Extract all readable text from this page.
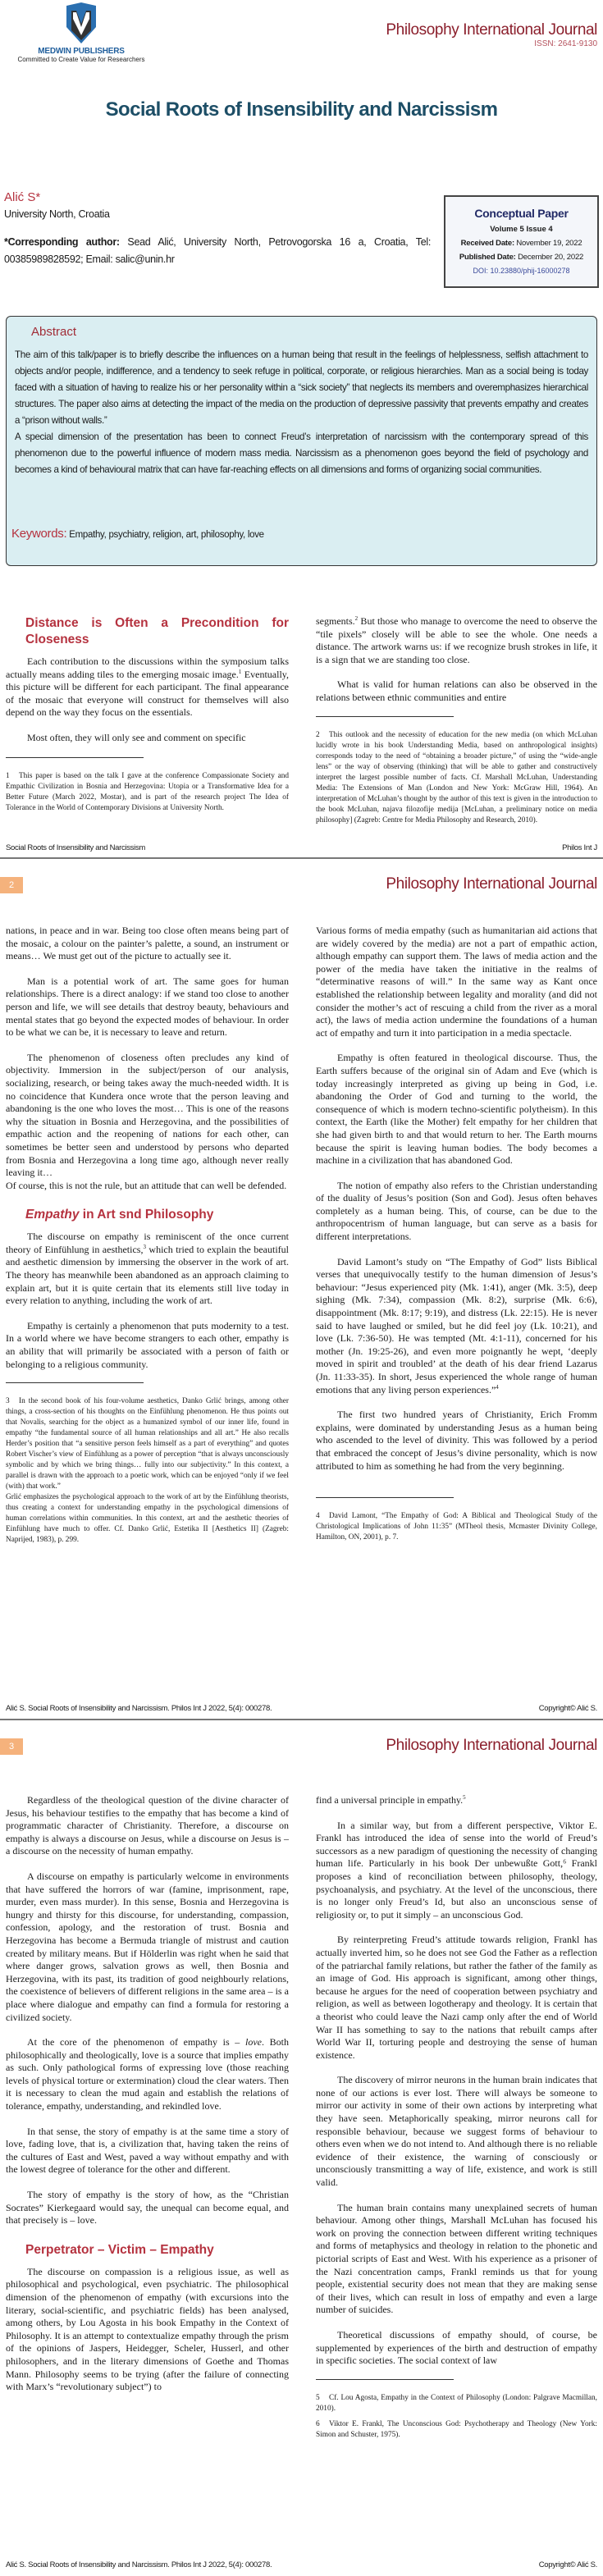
MEDWIN PUBLISHERS
Committed to Create Value for Researchers
Philosophy International Journal
ISSN: 2641-9130
Social Roots of Insensibility and Narcissism
Alić S*
University North, Croatia
*Corresponding author: Sead Alić, University North, Petrovogorska 16 a, Croatia, Tel: 00385989828592; Email: salic@unin.hr
Conceptual Paper
Volume 5 Issue 4
Received Date: November 19, 2022
Published Date: December 20, 2022
DOI: 10.23880/phij-16000278
Abstract

The aim of this talk/paper is to briefly describe the influences on a human being that result in the feelings of helplessness, selfish attachment to objects and/or people, indifference, and a tendency to seek refuge in political, corporate, or religious hierarchies. Man as a social being is today faced with a situation of having to realize his or her personality within a “sick society” that neglects its members and overemphasizes hierarchical structures. The paper also aims at detecting the impact of the media on the production of depressive passivity that prevents empathy and creates a “prison without walls.”

A special dimension of the presentation has been to connect Freud’s interpretation of narcissism with the contemporary spread of this phenomenon due to the powerful influence of modern mass media. Narcissism as a phenomenon goes beyond the field of psychology and becomes a kind of behavioural matrix that can have far-reaching effects on all dimensions and forms of organizing social communities.

Keywords: Empathy, psychiatry, religion, art, philosophy, love
Distance is Often a Precondition for Closeness

Each contribution to the discussions within the symposium talks actually means adding tiles to the emerging mosaic image.$^1$ Eventually, this picture will be different for each participant. The final appearance of the mosaic that everyone will construct for themselves will also depend on the way they focus on the essentials.

Most often, they will only see and comment on specific

1 This paper is based on the talk I gave at the conference Compassionate Society and Empathic Civilization in Bosnia and Herzegovina: Utopia or a Transformative Idea for a Better Future (March 2022, Mostar), and is part of the research project The Idea of Tolerance in the World of Contemporary Divisions at University North.

segments.$^2$ But those who manage to overcome the need to observe the “tile pixels” closely will be able to see the whole. One needs a distance. The artwork warns us: if we recognize brush strokes in life, it is a sign that we are standing too close.

What is valid for human relations can also be observed in the relations between ethnic communities and entire

2 This outlook and the necessity of education for the new media (on which McLuhan lucidly wrote in his book Understanding Media, based on anthropological insights) corresponds today to the need of “obtaining a broader picture,” of using the “wide-angle lens” or the way of observing (thinking) that will be able to gather and constructively interpret the largest possible number of facts. Cf. Marshall McLuhan, Understanding Media: The Extensions of Man (London and New York: McGraw Hill, 1964). An interpretation of McLuhan’s thought by the author of this text is given in the introduction to the book McLuhan, najava filozofije medija [McLuhan, a preliminary notice on media philosophy] (Zagreb: Centre for Media Philosophy and Research, 2010).
Social Roots of Insensibility and Narcissism	Philos Int J
2	Philosophy International Journal

nations, in peace and in war. Being too close often means being part of the mosaic, a colour on the painter’s palette, a sound, an instrument or means… We must get out of the picture to actually see it.

Man is a potential work of art. The same goes for human relationships. There is a direct analogy: if we stand too close to another person and life, we will see details that destroy beauty, behaviours and mental states that go beyond the expected modes of behaviour. In order to be what we can be, it is necessary to leave and return.

The phenomenon of closeness often precludes any kind of objectivity. Immersion in the subject/person of our analysis, socializing, research, or being takes away the much-needed width. It is no coincidence that Kundera once wrote that the person leaving and abandoning is the one who loves the most… This is one of the reasons why the situation in Bosnia and Herzegovina, and the possibilities of empathic action and the reopening of nations for each other, can sometimes be better seen and understood by persons who departed from Bosnia and Herzegovina a long time ago, although never really leaving it…

Of course, this is not the rule, but an attitude that can well be defended.

Empathy in Art snd Philosophy

The discourse on empathy is reminiscent of the once current theory of Einfühlung in aesthetics,$^3$ which tried to explain the beautiful and aesthetic dimension by immersing the observer in the work of art. The theory has meanwhile been abandoned as an approach claiming to explain art, but it is quite certain that its elements still live today in every relation to anything, including the work of art.

Empathy is certainly a phenomenon that puts modernity to a test. In a world where we have become strangers to each other, empathy is an ability that will primarily be associated with a person of faith or belonging to a religious community.

3 In the second book of his four-volume aesthetics, Danko Grlić brings, among other things, a cross-section of his thoughts on the Einfühlung phenomenon. He thus points out that Novalis, searching for the object as a humanized symbol of our inner life, found in empathy “the fundamental source of all human relationships and all art.” He also recalls Herder’s position that “a sensitive person feels himself as a part of everything” and quotes Robert Vischer’s view of Einfühlung as a power of perception “that is always unconsciously symbolic and by which we bring things… fully into our subjectivity.” In this context, a parallel is drawn with the approach to a poetic work, which can be enjoyed “only if we feel (with) that work.”
Grlić emphasizes the psychological approach to the work of art by the Einfühlung theorists, thus creating a context for understanding empathy in the psychological dimensions of human correlations within communities. In this context, art and the aesthetic theories of Einfühlung have much to offer. Cf. Danko Grlić, Estetika II [Aesthetics II] (Zagreb: Naprijed, 1983), p. 299.

Various forms of media empathy (such as humanitarian aid actions that are widely covered by the media) are not a part of empathic action, although empathy can support them. The laws of media action and the power of the media have taken the initiative in the realms of “determinative reasons of will.” In the same way as Kant once established the relationship between legality and morality (and did not consider the mother’s act of rescuing a child from the river as a moral act), the laws of media action undermine the foundations of a human act of empathy and turn it into participation in a media spectacle.

Empathy is often featured in theological discourse. Thus, the Earth suffers because of the original sin of Adam and Eve (which is today increasingly interpreted as giving up being in God, i.e. abandoning the Order of God and turning to the world, the consequence of which is modern techno-scientific polytheism). In this context, the Earth (like the Mother) felt empathy for her children that she had given birth to and that would return to her. The Earth mourns because the spirit is leaving human bodies. The body becomes a machine in a civilization that has abandoned God.

The notion of empathy also refers to the Christian understanding of the duality of Jesus’s position (Son and God). Jesus often behaves completely as a human being. This, of course, can be due to the anthropocentrism of human language, but can serve as a basis for different interpretations.

David Lamont’s study on “The Empathy of God” lists Biblical verses that unequivocally testify to the human dimension of Jesus’s behaviour: “Jesus experienced pity (Mk. 1:41), anger (Mk. 3:5), deep sighing (Mk. 7:34), compassion (Mk. 8:2), surprise (Mk. 6:6), disappointment (Mk. 8:17; 9:19), and distress (Lk. 22:15). He is never said to have laughed or smiled, but he did feel joy (Lk. 10:21), and love (Lk. 7:36-50). He was tempted (Mt. 4:1-11), concerned for his mother (Jn. 19:25-26), and even more poignantly he wept, ‘deeply moved in spirit and troubled’ at the death of his dear friend Lazarus (Jn. 11:33-35). In short, Jesus experienced the whole range of human emotions that any living person experiences.”$^4$

The first two hundred years of Christianity, Erich Fromm explains, were dominated by understanding Jesus as a human being who ascended to the level of divinity. This was followed by a period that embraced the concept of Jesus’s divine personality, which is now attributed to him as something he had from the very beginning.

4 David Lamont, “The Empathy of God: A Biblical and Theological Study of the Christological Implications of John 11:35” (MTheol thesis, Mcmaster Divinity College, Hamilton, ON, 2001), p. 7.
Alić S. Social Roots of Insensibility and Narcissism. Philos Int J 2022, 5(4): 000278.	Copyright© Alić S.
3	Philosophy International Journal

Regardless of the theological question of the divine character of Jesus, his behaviour testifies to the empathy that has become a kind of programmatic character of Christianity. Therefore, a discourse on empathy is always a discourse on Jesus, while a discourse on Jesus is – a discourse on the necessity of human empathy.

A discourse on empathy is particularly welcome in environments that have suffered the horrors of war (famine, imprisonment, rape, murder, even mass murder). In this sense, Bosnia and Herzegovina is hungry and thirsty for this discourse, for understanding, compassion, confession, apology, and the restoration of trust. Bosnia and Herzegovina has become a Bermuda triangle of mistrust and caution created by military means. But if Hölderlin was right when he said that where danger grows, salvation grows as well, then Bosnia and Herzegovina, with its past, its tradition of good neighbourly relations, the coexistence of believers of different religions in the same area – is a place where dialogue and empathy can find a formula for restoring a civilized society.

At the core of the phenomenon of empathy is – love. Both philosophically and theologically, love is a source that implies empathy as such. Only pathological forms of expressing love (those reaching levels of physical torture or extermination) cloud the clear waters. Then it is necessary to clean the mud again and establish the relations of tolerance, empathy, understanding, and rekindled love.

In that sense, the story of empathy is at the same time a story of love, fading love, that is, a civilization that, having taken the reins of the cultures of East and West, paved a way without empathy and with the lowest degree of tolerance for the other and different.

The story of empathy is the story of how, as the “Christian Socrates” Kierkegaard would say, the unequal can become equal, and that precisely is – love.

Perpetrator – Victim – Empathy

The discourse on compassion is a religious issue, as well as philosophical and psychological, even psychiatric. The philosophical dimension of the phenomenon of empathy (with excursions into the literary, social-scientific, and psychiatric fields) has been analysed, among others, by Lou Agosta in his book Empathy in the Context of Philosophy. It is an attempt to contextualize empathy through the prism of the opinions of Jaspers, Heidegger, Scheler, Husserl, and other philosophers, and in the literary dimensions of Goethe and Thomas Mann. Philosophy seems to be trying (after the failure of connecting with Marx’s “revolutionary subject”) to

find a universal principle in empathy.$^5$

In a similar way, but from a different perspective, Viktor E. Frankl has introduced the idea of sense into the world of Freud’s successors as a new paradigm of questioning the necessity of changing human life. Particularly in his book Der unbewußte Gott,⁶ Frankl proposes a kind of reconciliation between philosophy, theology, psychoanalysis, and psychiatry. At the level of the unconscious, there is no longer only Freud’s Id, but also an unconscious sense of religiosity or, to put it simply – an unconscious God.

By reinterpreting Freud’s attitude towards religion, Frankl has actually inverted him, so he does not see God the Father as a reflection of the patriarchal family relations, but rather the father of the family as an image of God. His approach is significant, among other things, because he argues for the need of cooperation between psychiatry and religion, as well as between logotherapy and theology. It is certain that a theorist who could leave the Nazi camp only after the end of World War II has something to say to the nations that rebuilt camps after World War II, torturing people and destroying the sense of human existence.

The discovery of mirror neurons in the human brain indicates that none of our actions is ever lost. There will always be someone to mirror our activity in some of their own actions by interpreting what they have seen. Metaphorically speaking, mirror neurons call for responsible behaviour, because we suggest forms of behaviour to others even when we do not intend to. And although there is no reliable evidence of their existence, the warning of consciously or unconsciously transmitting a way of life, existence, and work is still valid.

The human brain contains many unexplained secrets of human behaviour. Among other things, Marshall McLuhan has focused his work on proving the connection between different writing techniques and forms of metaphysics and theology in relation to the phonetic and pictorial scripts of East and West. With his experience as a prisoner of the Nazi concentration camps, Frankl reminds us that for young people, existential security does not mean that they are making sense of their lives, which can result in loss of empathy and even a large number of suicides.

Theoretical discussions of empathy should, of course, be supplemented by experiences of the birth and destruction of empathy in specific societies. The social context of law

5 Cf. Lou Agosta, Empathy in the Context of Philosophy (London: Palgrave Macmillan, 2010).
6 Viktor E. Frankl, The Unconscious God: Psychotherapy and Theology (New York: Simon and Schuster, 1975).
Alić S. Social Roots of Insensibility and Narcissism. Philos Int J 2022, 5(4): 000278.	Copyright© Alić S.
